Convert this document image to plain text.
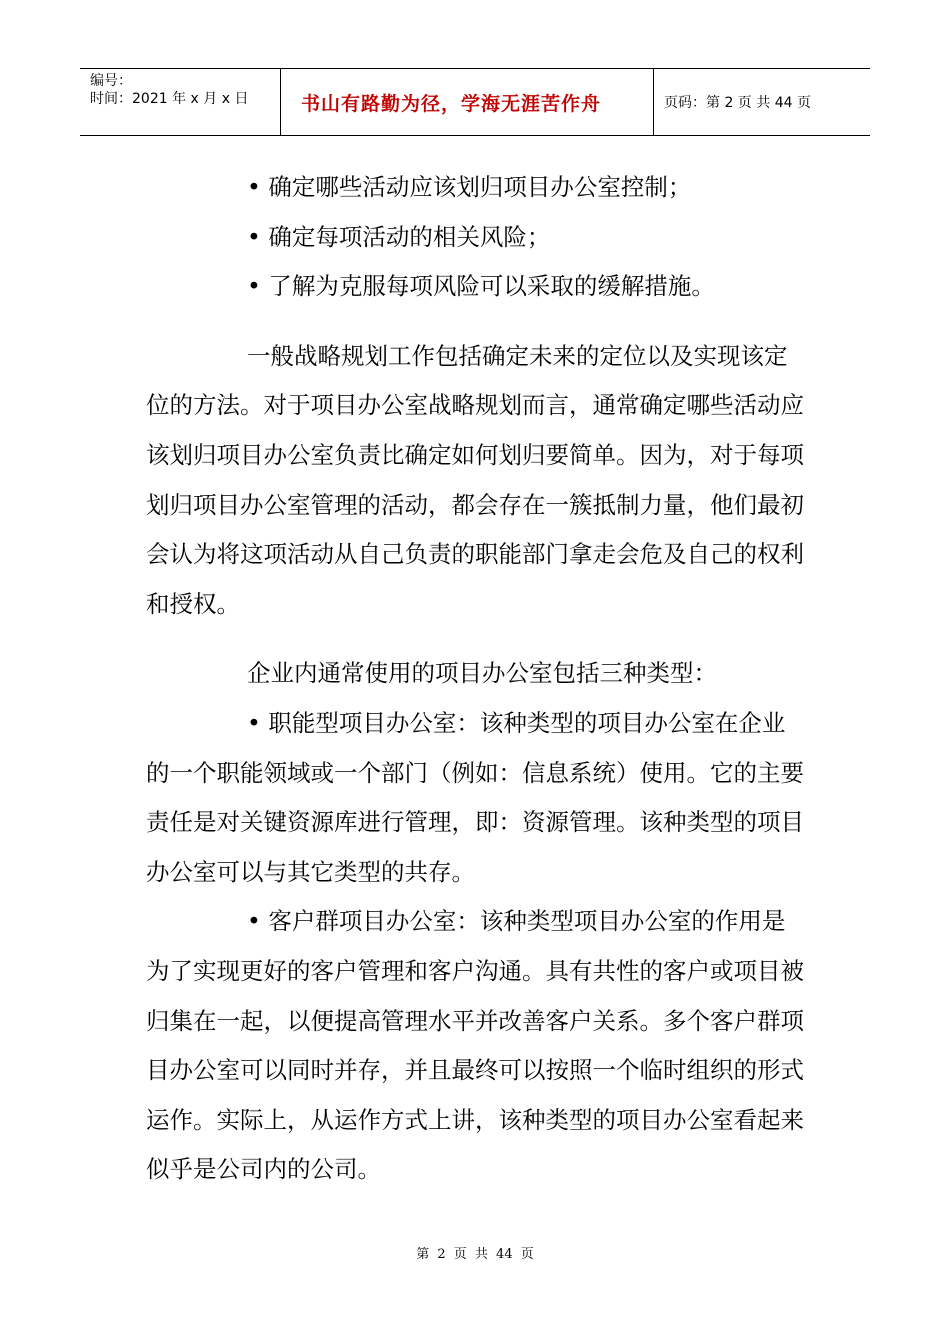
编号：
时间：2021 年 x 月 x 日	书山有路勤为径，学海无涯苦作舟	页码：第 2 页 共 44 页

• 确定哪些活动应该划归项目办公室控制；

• 确定每项活动的相关风险；

• 了解为克服每项风险可以采取的缓解措施。

一般战略规划工作包括确定未来的定位以及实现该定位的方法。对于项目办公室战略规划而言，通常确定哪些活动应该划归项目办公室负责比确定如何划归要简单。因为，对于每项划归项目办公室管理的活动，都会存在一簇抵制力量，他们最初会认为将这项活动从自己负责的职能部门拿走会危及自己的权利和授权。

企业内通常使用的项目办公室包括三种类型：

• 职能型项目办公室：该种类型的项目办公室在企业的一个职能领域或一个部门（例如：信息系统）使用。它的主要责任是对关键资源库进行管理，即：资源管理。该种类型的项目办公室可以与其它类型的共存。

• 客户群项目办公室：该种类型项目办公室的作用是为了实现更好的客户管理和客户沟通。具有共性的客户或项目被归集在一起，以便提高管理水平并改善客户关系。多个客户群项目办公室可以同时并存，并且最终可以按照一个临时组织的形式运作。实际上，从运作方式上讲，该种类型的项目办公室看起来似乎是公司内的公司。

第 2 页 共 44 页
